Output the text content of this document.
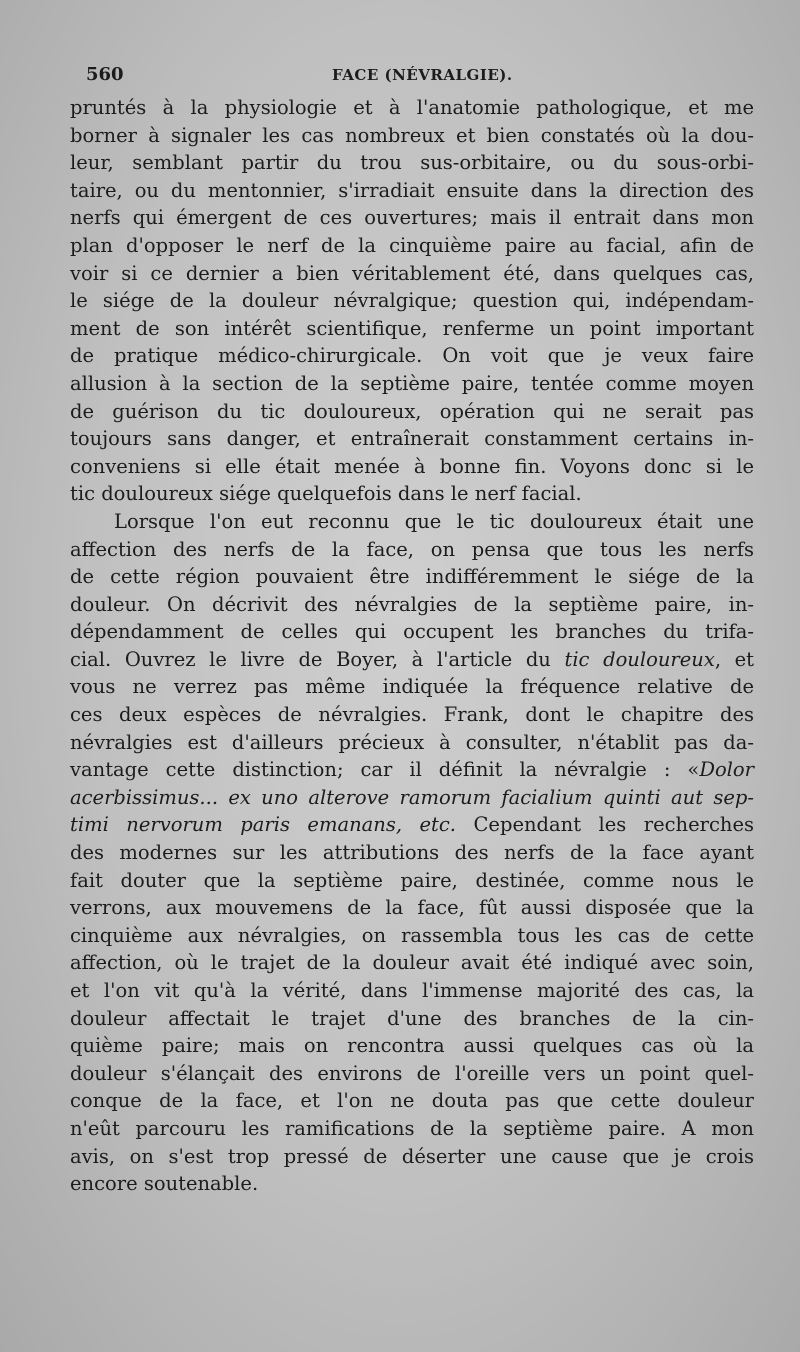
560	FACE (NÉVRALGIE).
pruntés à la physiologie et à l'anatomie pathologique, et me
borner à signaler les cas nombreux et bien constatés où la dou-
leur, semblant partir du trou sus-orbitaire, ou du sous-orbi-
taire, ou du mentonnier, s'irradiait ensuite dans la direction des
nerfs qui émergent de ces ouvertures; mais il entrait dans mon
plan d'opposer le nerf de la cinquième paire au facial, afin de
voir si ce dernier a bien véritablement été, dans quelques cas,
le siége de la douleur névralgique; question qui, indépendam-
ment de son intérêt scientifique, renferme un point important
de pratique médico-chirurgicale. On voit que je veux faire
allusion à la section de la septième paire, tentée comme moyen
de guérison du tic douloureux, opération qui ne serait pas
toujours sans danger, et entraînerait constamment certains in-
conveniens si elle était menée à bonne fin. Voyons donc si le
tic douloureux siége quelquefois dans le nerf facial.
Lorsque l'on eut reconnu que le tic douloureux était une
affection des nerfs de la face, on pensa que tous les nerfs
de cette région pouvaient être indifféremment le siége de la
douleur. On décrivit des névralgies de la septième paire, in-
dépendamment de celles qui occupent les branches du trifa-
cial. Ouvrez le livre de Boyer, à l'article du tic douloureux, et
vous ne verrez pas même indiquée la fréquence relative de
ces deux espèces de névralgies. Frank, dont le chapitre des
névralgies est d'ailleurs précieux à consulter, n'établit pas da-
vantage cette distinction; car il définit la névralgie : «Dolor
acerbissimus... ex uno alterove ramorum facialium quinti aut sep-
timi nervorum paris emanans, etc. Cependant les recherches
des modernes sur les attributions des nerfs de la face ayant
fait douter que la septième paire, destinée, comme nous le
verrons, aux mouvemens de la face, fût aussi disposée que la
cinquième aux névralgies, on rassembla tous les cas de cette
affection, où le trajet de la douleur avait été indiqué avec soin,
et l'on vit qu'à la vérité, dans l'immense majorité des cas, la
douleur affectait le trajet d'une des branches de la cin-
quième paire; mais on rencontra aussi quelques cas où la
douleur s'élançait des environs de l'oreille vers un point quel-
conque de la face, et l'on ne douta pas que cette douleur
n'eût parcouru les ramifications de la septième paire. A mon
avis, on s'est trop pressé de déserter une cause que je crois
encore soutenable.
